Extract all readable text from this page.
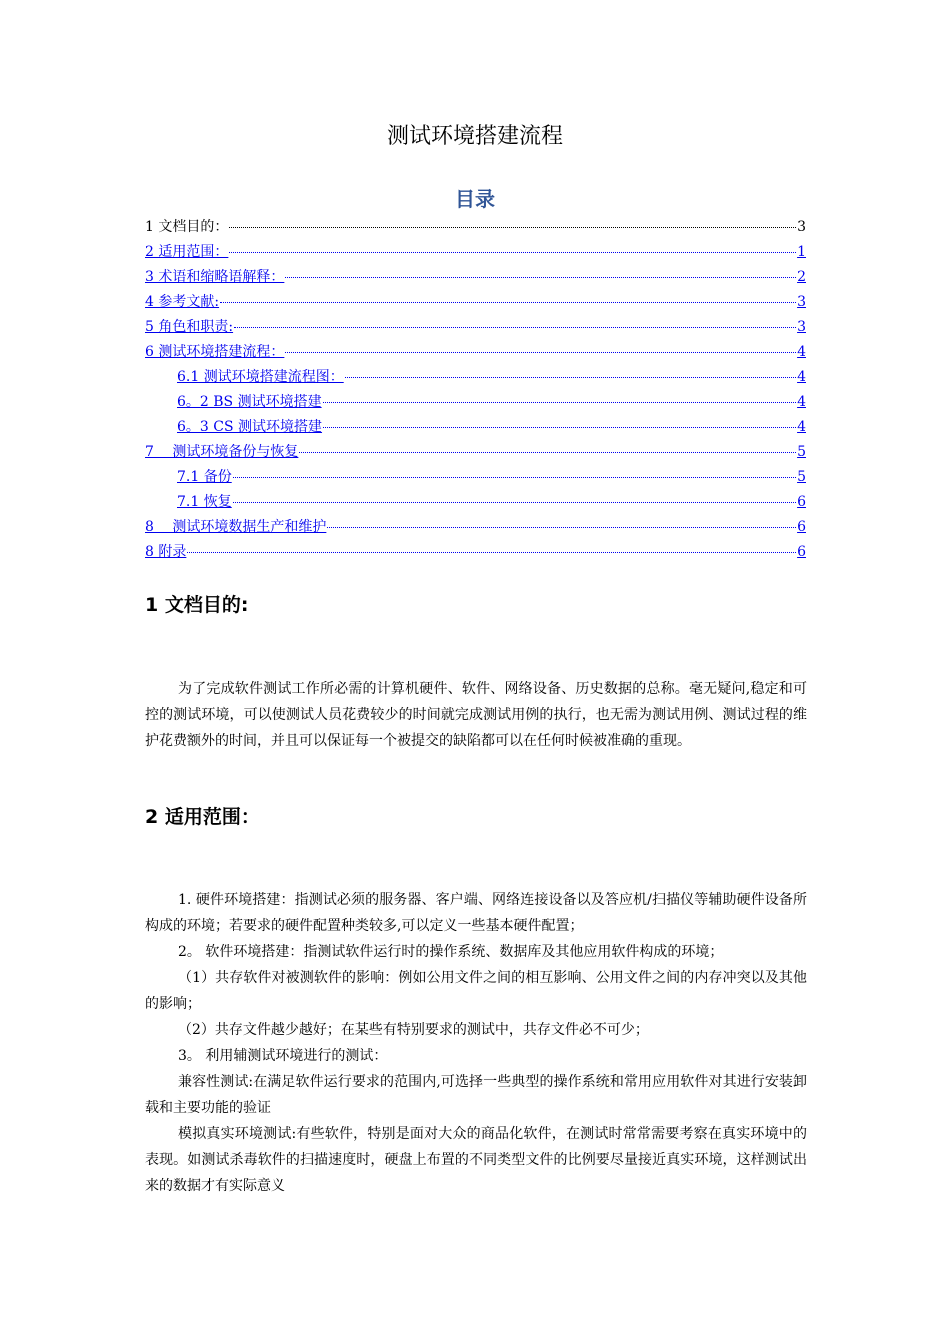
测试环境搭建流程
目录
1 文档目的：	3
2 适用范围：	1
3 术语和缩略语解释：	2
4 参考文献:	3
5 角色和职责:	3
6 测试环境搭建流程：	4
6.1 测试环境搭建流程图：	4
6。2 BS 测试环境搭建	4
6。3 CS 测试环境搭建	4
7　 测试环境备份与恢复	5
7.1 备份	5
7.1 恢复	6
8　 测试环境数据生产和维护	6
8 附录	6
1 文档目的:

为了完成软件测试工作所必需的计算机硬件、软件、网络设备、历史数据的总称。毫无疑问,稳定和可控的测试环境，可以使测试人员花费较少的时间就完成测试用例的执行，也无需为测试用例、测试过程的维护花费额外的时间，并且可以保证每一个被提交的缺陷都可以在任何时候被准确的重现。

2 适用范围：

1. 硬件环境搭建：指测试必须的服务器、客户端、网络连接设备以及答应机/扫描仪等辅助硬件设备所构成的环境；若要求的硬件配置种类较多,可以定义一些基本硬件配置；

2。 软件环境搭建：指测试软件运行时的操作系统、数据库及其他应用软件构成的环境；

（1）共存软件对被测软件的影响：例如公用文件之间的相互影响、公用文件之间的内存冲突以及其他的影响；

（2）共存文件越少越好；在某些有特别要求的测试中，共存文件必不可少；

3。 利用辅测试环境进行的测试：

兼容性测试:在满足软件运行要求的范围内,可选择一些典型的操作系统和常用应用软件对其进行安装卸载和主要功能的验证

模拟真实环境测试:有些软件，特别是面对大众的商品化软件，在测试时常常需要考察在真实环境中的表现。如测试杀毒软件的扫描速度时，硬盘上布置的不同类型文件的比例要尽量接近真实环境，这样测试出来的数据才有实际意义
